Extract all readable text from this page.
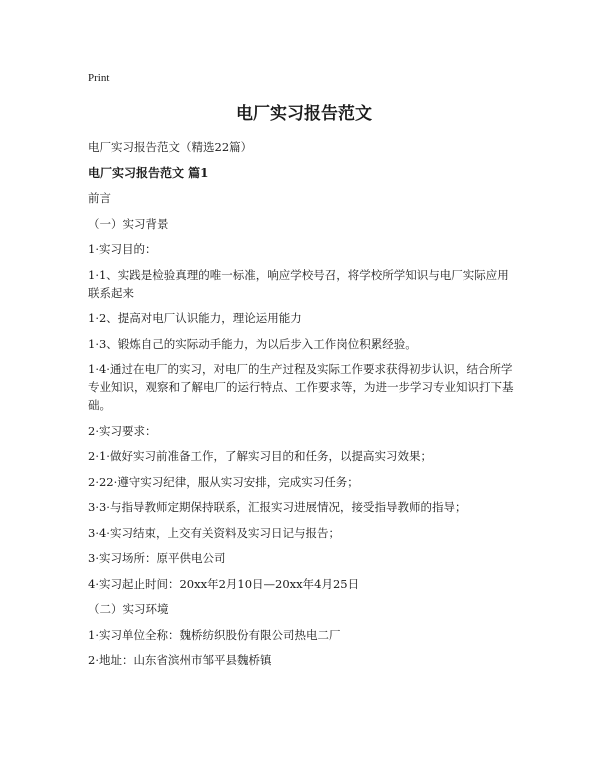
Print
电厂实习报告范文

电厂实习报告范文（精选22篇）

电厂实习报告范文 篇1

前言

（一）实习背景

1·实习目的：

1·1、实践是检验真理的唯一标准，响应学校号召，将学校所学知识与电厂实际应用联系起来

1·2、提高对电厂认识能力，理论运用能力

1·3、锻炼自己的实际动手能力，为以后步入工作岗位积累经验。

1·4·通过在电厂的实习，对电厂的生产过程及实际工作要求获得初步认识，结合所学专业知识，观察和了解电厂的运行特点、工作要求等，为进一步学习专业知识打下基础。

2·实习要求：

2·1·做好实习前准备工作，了解实习目的和任务，以提高实习效果；

2·22·遵守实习纪律，服从实习安排，完成实习任务；

3·3·与指导教师定期保持联系，汇报实习进展情况，接受指导教师的指导；

3·4·实习结束，上交有关资料及实习日记与报告；

3·实习场所：原平供电公司

4·实习起止时间：20xx年2月10日—20xx年4月25日

（二）实习环境

1·实习单位全称：魏桥纺织股份有限公司热电二厂

2·地址：山东省滨州市邹平县魏桥镇
